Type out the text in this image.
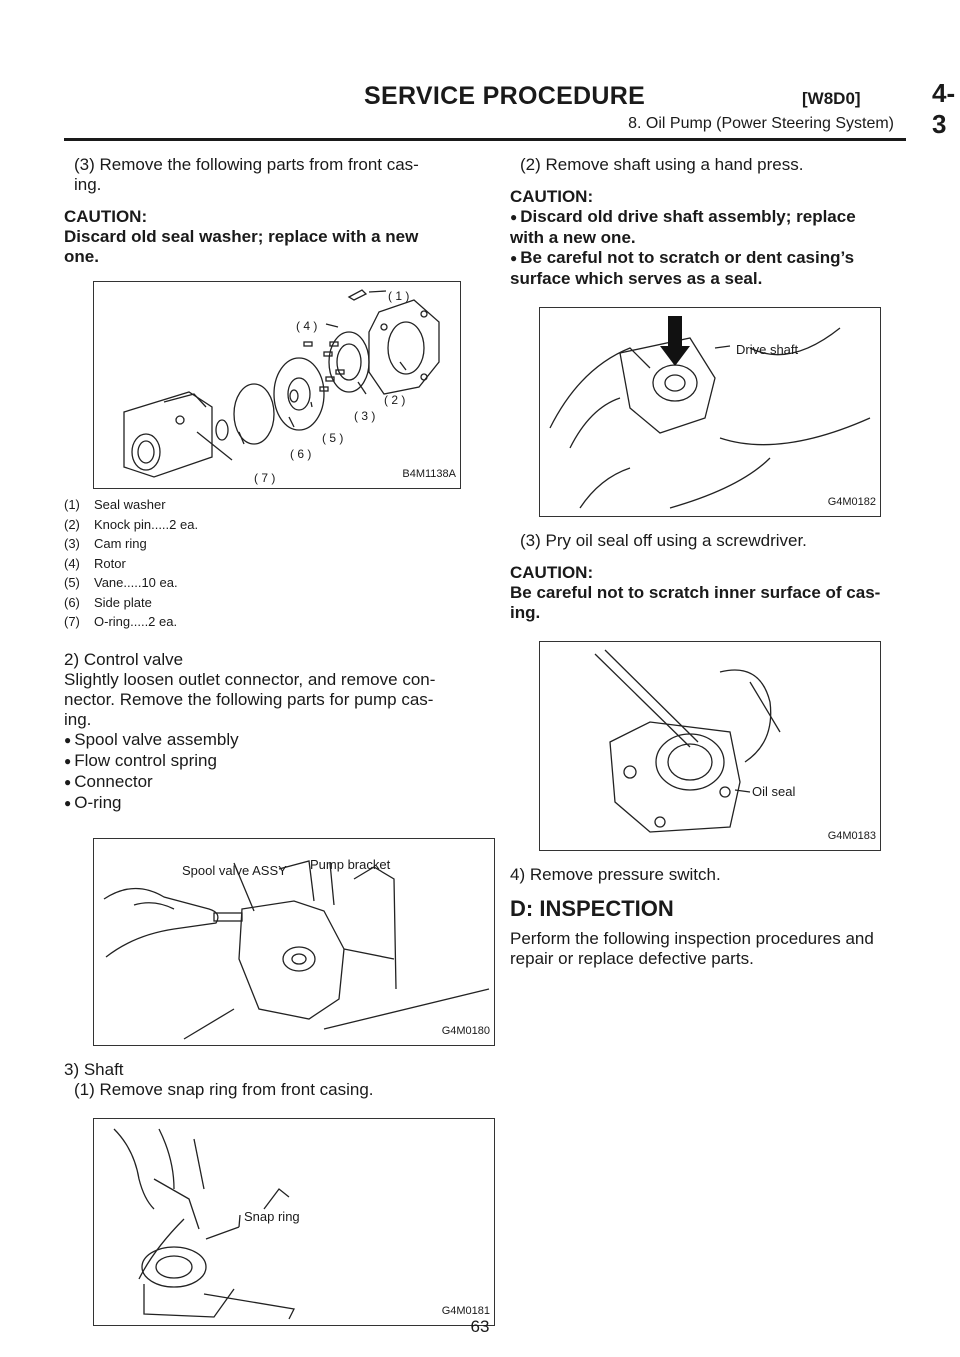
SERVICE PROCEDURE	[W8D0]	4-3
8. Oil Pump (Power Steering System)

(3) Remove the following parts from front cas-

ing.

CAUTION:

Discard old seal washer; replace with a new

one.

( 1 )
( 2 )
( 3 )
( 4 )
( 5 )
( 6 )
( 7 )	B4M1138A
(1) Seal washer
(2) Knock pin.....2 ea.
(3) Cam ring
(4) Rotor
(5) Vane.....10 ea.
(6) Side plate
(7) O-ring.....2 ea.

2) Control valve

Slightly loosen outlet connector, and remove con-

nector. Remove the following parts for pump cas-

ing.

● Spool valve assembly

● Flow control spring

● Connector

● O-ring

Spool valve ASSY Pump bracket
G4M0180

3) Shaft

(1) Remove snap ring from front casing.

Snap ring
G4M0181

(2) Remove shaft using a hand press.

CAUTION:

● Discard old drive shaft assembly; replace

with a new one.

● Be careful not to scratch or dent casing’s

surface which serves as a seal.

Drive shaft
G4M0182

(3) Pry oil seal off using a screwdriver.

CAUTION:

Be careful not to scratch inner surface of cas-

ing.

Oil seal
G4M0183

4) Remove pressure switch.

D: INSPECTION

Perform the following inspection procedures and

repair or replace defective parts.

63
